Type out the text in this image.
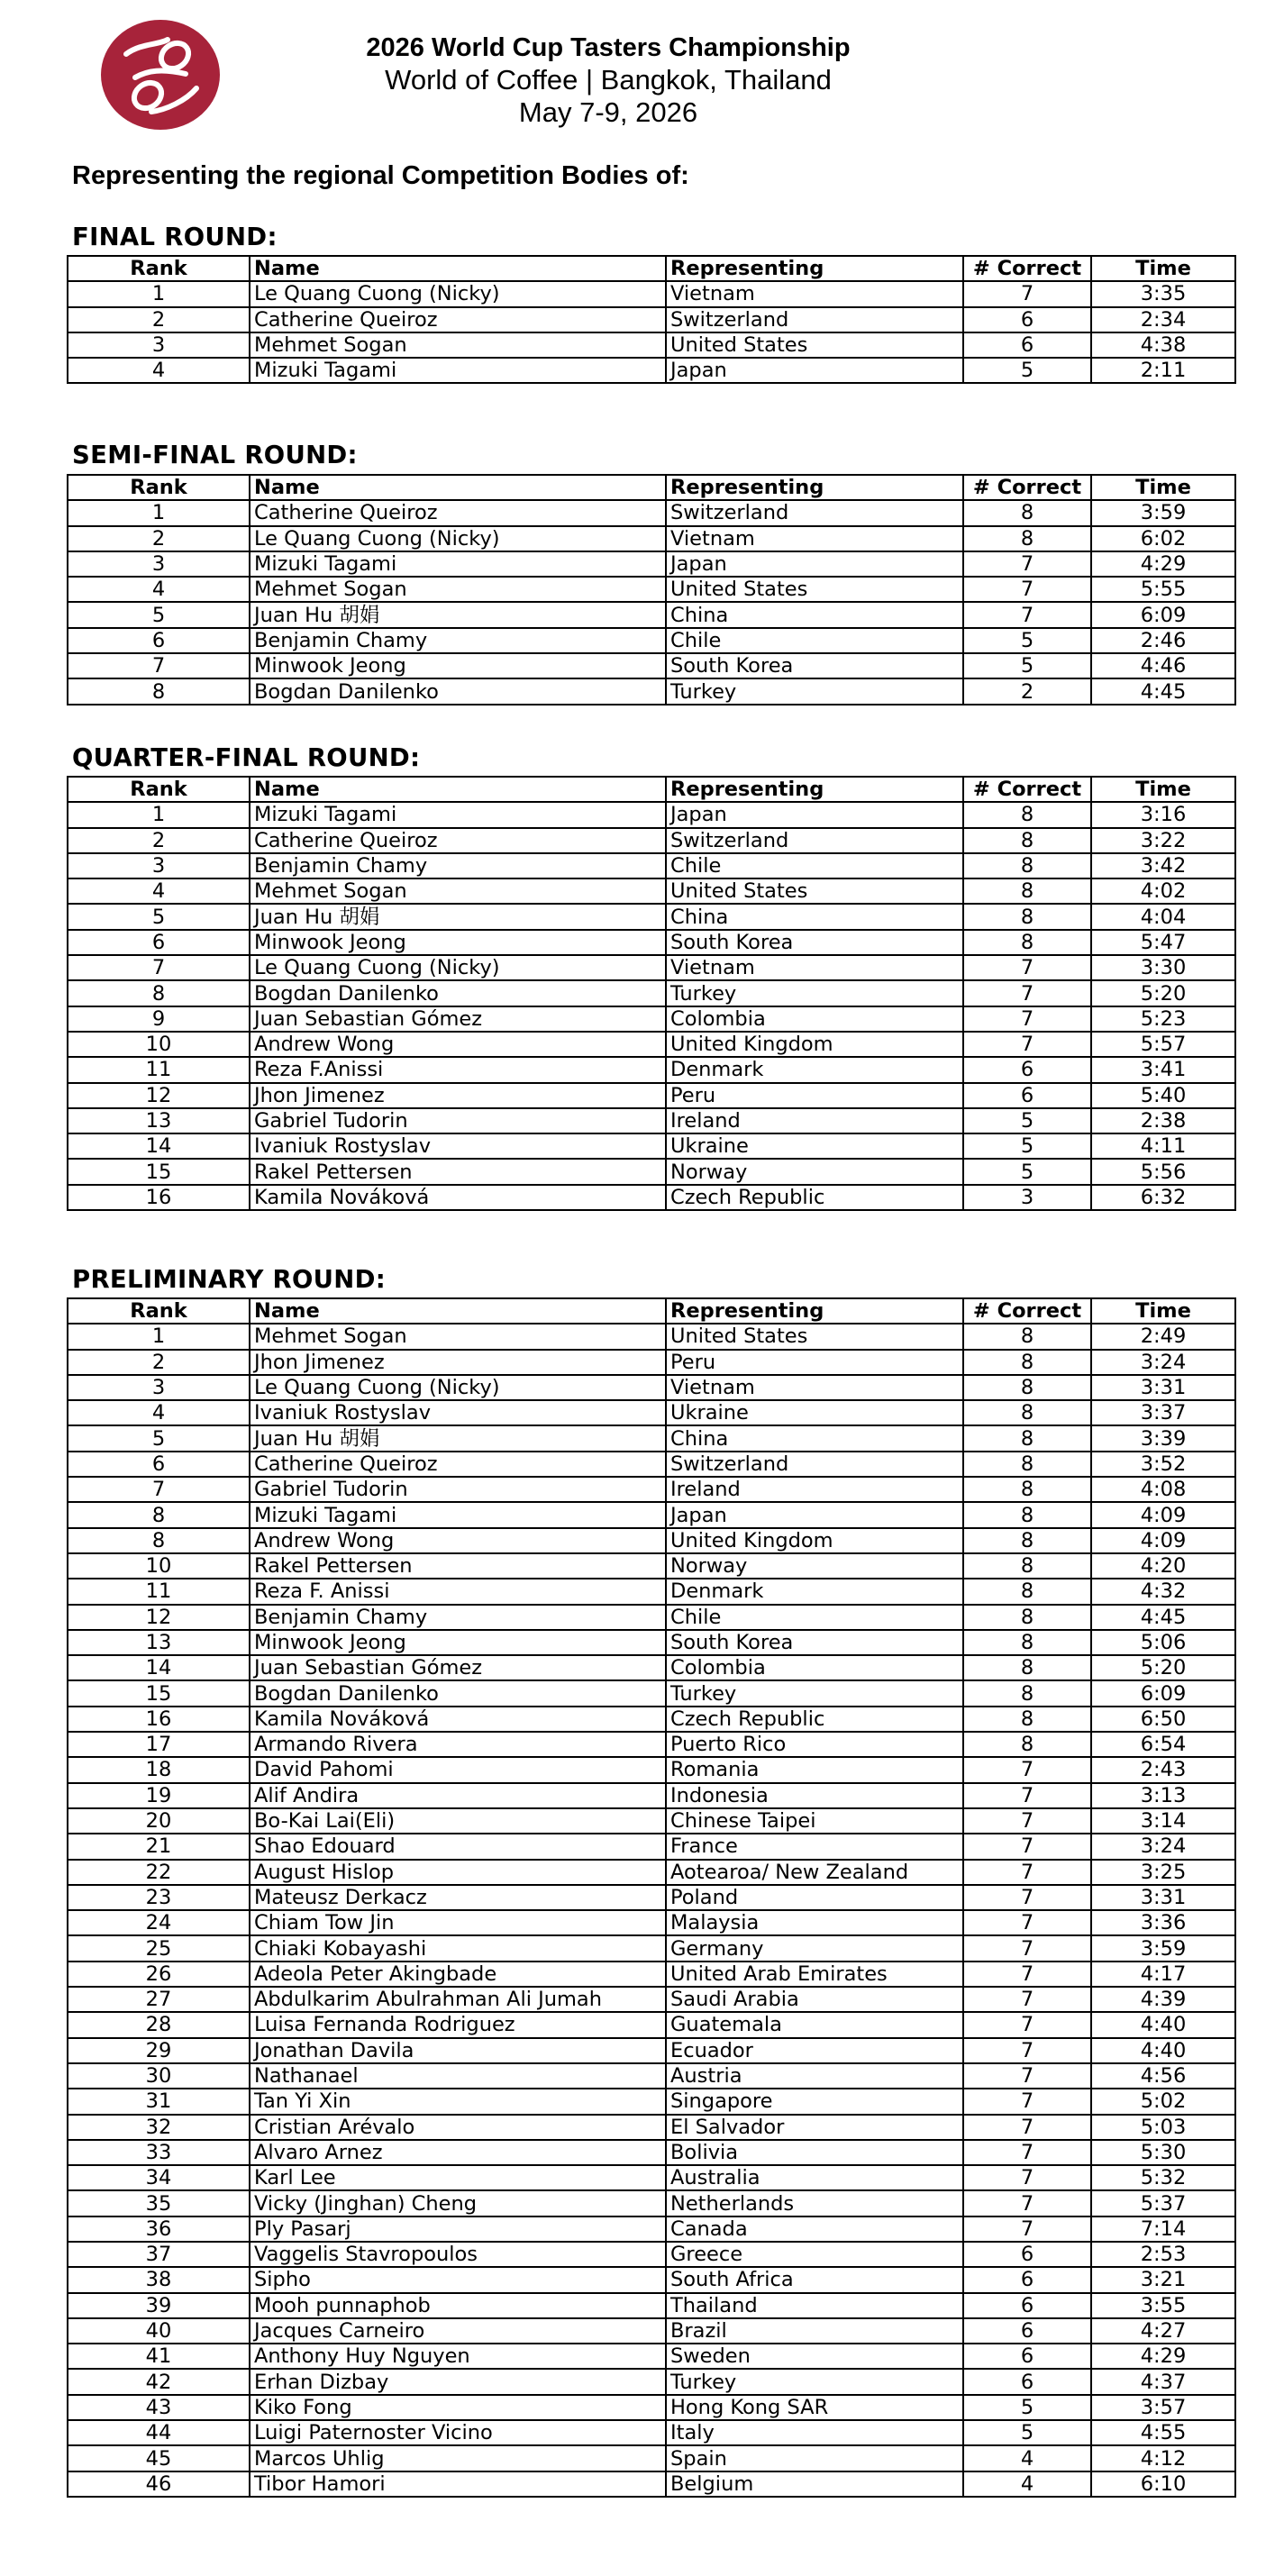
2026 World Cup Tasters Championship
World of Coffee | Bangkok, Thailand
May 7-9, 2026
Representing the regional Competition Bodies of:
FINAL ROUND:
Rank	Name	Representing	# Correct	Time
1	Le Quang Cuong (Nicky)	Vietnam	7	3:35
2	Catherine Queiroz	Switzerland	6	2:34
3	Mehmet Sogan	United States	6	4:38
4	Mizuki Tagami	Japan	5	2:11
SEMI-FINAL ROUND:
Rank	Name	Representing	# Correct	Time
1	Catherine Queiroz	Switzerland	8	3:59
2	Le Quang Cuong (Nicky)	Vietnam	8	6:02
3	Mizuki Tagami	Japan	7	4:29
4	Mehmet Sogan	United States	7	5:55
5	Juan Hu 胡娟	China	7	6:09
6	Benjamin Chamy	Chile	5	2:46
7	Minwook Jeong	South Korea	5	4:46
8	Bogdan Danilenko	Turkey	2	4:45
QUARTER-FINAL ROUND:
Rank	Name	Representing	# Correct	Time
1	Mizuki Tagami	Japan	8	3:16
2	Catherine Queiroz	Switzerland	8	3:22
3	Benjamin Chamy	Chile	8	3:42
4	Mehmet Sogan	United States	8	4:02
5	Juan Hu 胡娟	China	8	4:04
6	Minwook Jeong	South Korea	8	5:47
7	Le Quang Cuong (Nicky)	Vietnam	7	3:30
8	Bogdan Danilenko	Turkey	7	5:20
9	Juan Sebastian Gómez	Colombia	7	5:23
10	Andrew Wong	United Kingdom	7	5:57
11	Reza F.Anissi	Denmark	6	3:41
12	Jhon Jimenez	Peru	6	5:40
13	Gabriel Tudorin	Ireland	5	2:38
14	Ivaniuk Rostyslav	Ukraine	5	4:11
15	Rakel Pettersen	Norway	5	5:56
16	Kamila Nováková	Czech Republic	3	6:32
PRELIMINARY ROUND:
Rank	Name	Representing	# Correct	Time
1	Mehmet Sogan	United States	8	2:49
2	Jhon Jimenez	Peru	8	3:24
3	Le Quang Cuong (Nicky)	Vietnam	8	3:31
4	Ivaniuk Rostyslav	Ukraine	8	3:37
5	Juan Hu 胡娟	China	8	3:39
6	Catherine Queiroz	Switzerland	8	3:52
7	Gabriel Tudorin	Ireland	8	4:08
8	Mizuki Tagami	Japan	8	4:09
8	Andrew Wong	United Kingdom	8	4:09
10	Rakel Pettersen	Norway	8	4:20
11	Reza F. Anissi	Denmark	8	4:32
12	Benjamin Chamy	Chile	8	4:45
13	Minwook Jeong	South Korea	8	5:06
14	Juan Sebastian Gómez	Colombia	8	5:20
15	Bogdan Danilenko	Turkey	8	6:09
16	Kamila Nováková	Czech Republic	8	6:50
17	Armando Rivera	Puerto Rico	8	6:54
18	David Pahomi	Romania	7	2:43
19	Alif Andira	Indonesia	7	3:13
20	Bo-Kai Lai(Eli)	Chinese Taipei	7	3:14
21	Shao Edouard	France	7	3:24
22	August Hislop	Aotearoa/ New Zealand	7	3:25
23	Mateusz Derkacz	Poland	7	3:31
24	Chiam Tow Jin	Malaysia	7	3:36
25	Chiaki Kobayashi	Germany	7	3:59
26	Adeola Peter Akingbade	United Arab Emirates	7	4:17
27	Abdulkarim Abulrahman Ali Jumah	Saudi Arabia	7	4:39
28	Luisa Fernanda Rodriguez	Guatemala	7	4:40
29	Jonathan Davila	Ecuador	7	4:40
30	Nathanael	Austria	7	4:56
31	Tan Yi Xin	Singapore	7	5:02
32	Cristian Arévalo	El Salvador	7	5:03
33	Alvaro Arnez	Bolivia	7	5:30
34	Karl Lee	Australia	7	5:32
35	Vicky (Jinghan) Cheng	Netherlands	7	5:37
36	Ply Pasarj	Canada	7	7:14
37	Vaggelis Stavropoulos	Greece	6	2:53
38	Sipho	South Africa	6	3:21
39	Mooh punnaphob	Thailand	6	3:55
40	Jacques Carneiro	Brazil	6	4:27
41	Anthony Huy Nguyen	Sweden	6	4:29
42	Erhan Dizbay	Turkey	6	4:37
43	Kiko Fong	Hong Kong SAR	5	3:57
44	Luigi Paternoster Vicino	Italy	5	4:55
45	Marcos Uhlig	Spain	4	4:12
46	Tibor Hamori	Belgium	4	6:10
